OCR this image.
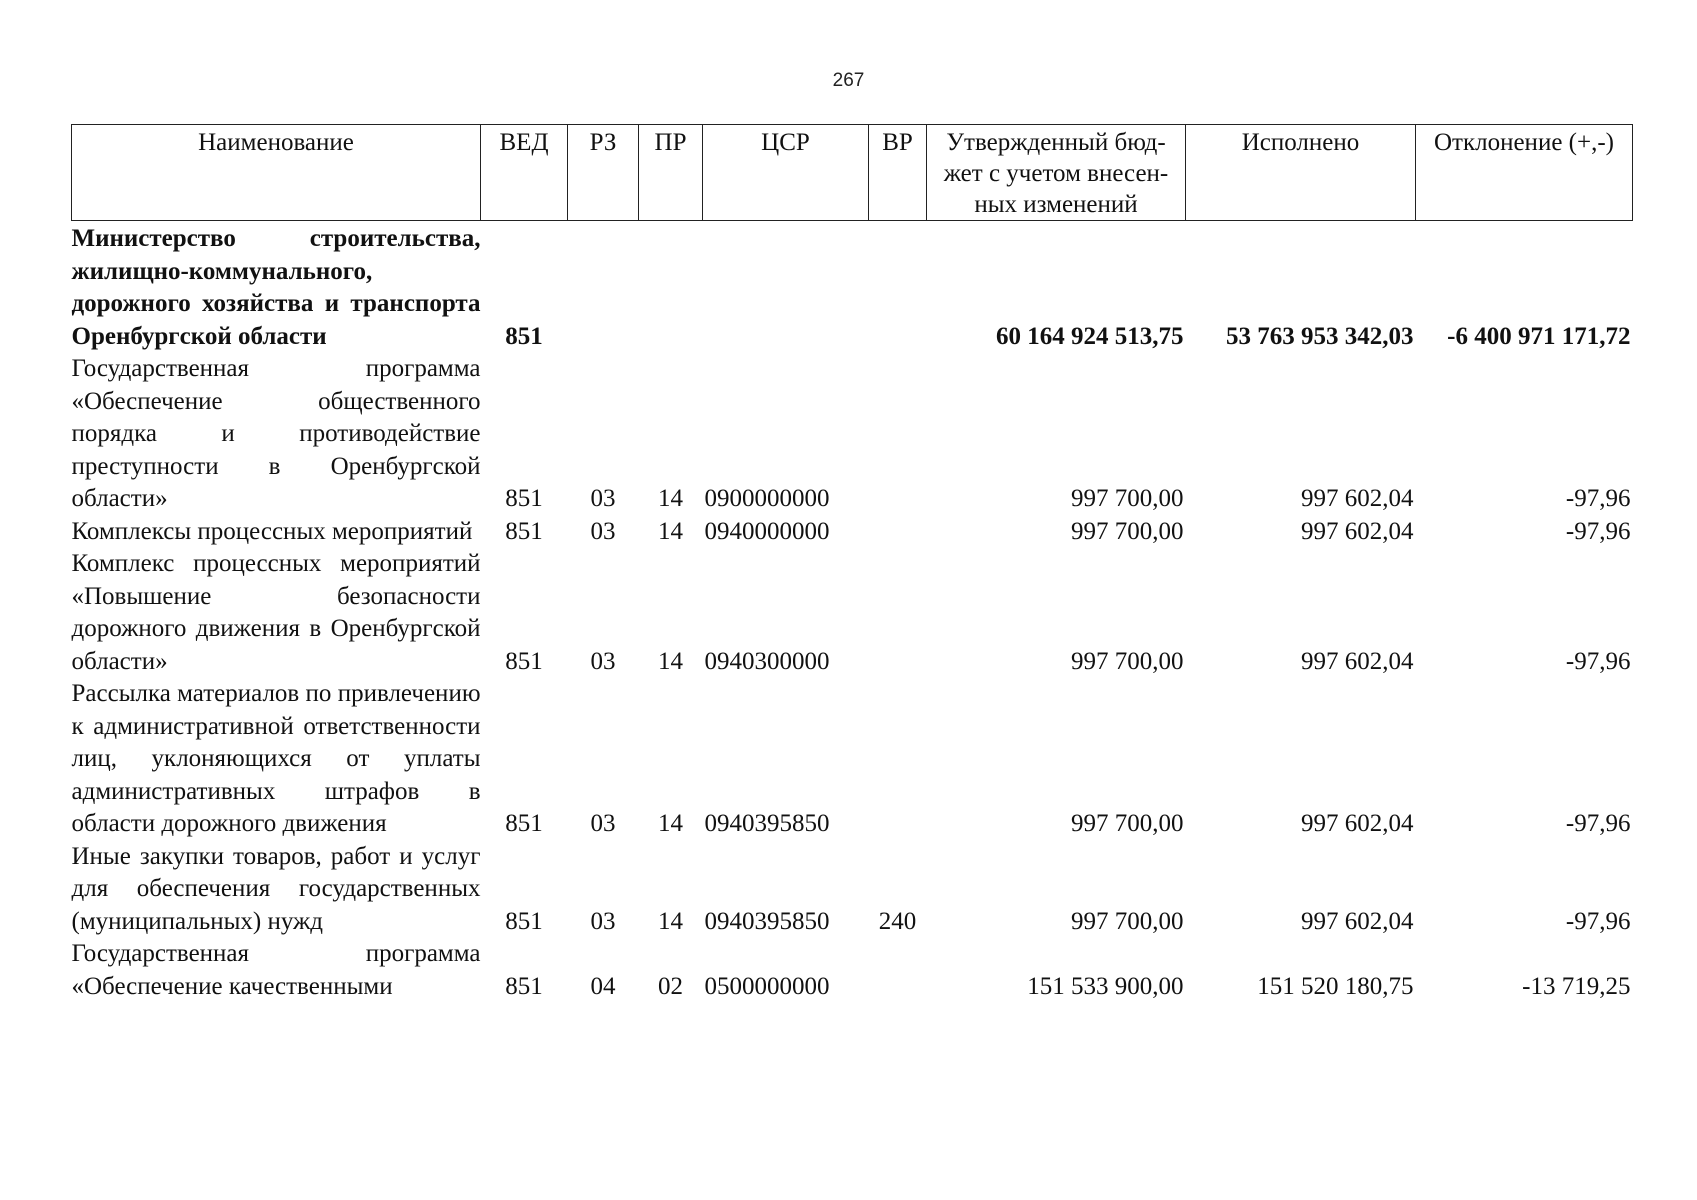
267
Наименование	ВЕД	РЗ	ПР	ЦСР	ВР	Утвержденный бюд-жет с учетом внесен-ных изменений	Исполнено	Отклонение (+,-)
Министерство строительства, жилищно-коммунального, дорожного хозяйства и транспорта Оренбургской области	851					60 164 924 513,75	53 763 953 342,03	-6 400 971 171,72
Государственная программа «Обеспечение общественного порядка и противодействие преступности в Оренбургской области»	851	03	14	0900000000		997 700,00	997 602,04	-97,96
Комплексы процессных мероприятий	851	03	14	0940000000		997 700,00	997 602,04	-97,96
Комплекс процессных мероприятий «Повышение безопасности дорожного движения в Оренбургской области»	851	03	14	0940300000		997 700,00	997 602,04	-97,96
Рассылка материалов по привлечению к административной ответственности лиц, уклоняющихся от уплаты административных штрафов в области дорожного движения	851	03	14	0940395850		997 700,00	997 602,04	-97,96
Иные закупки товаров, работ и услуг для обеспечения государственных (муниципальных) нужд	851	03	14	0940395850	240	997 700,00	997 602,04	-97,96
Государственная программа «Обеспечение качественными	851	04	02	0500000000		151 533 900,00	151 520 180,75	-13 719,25
